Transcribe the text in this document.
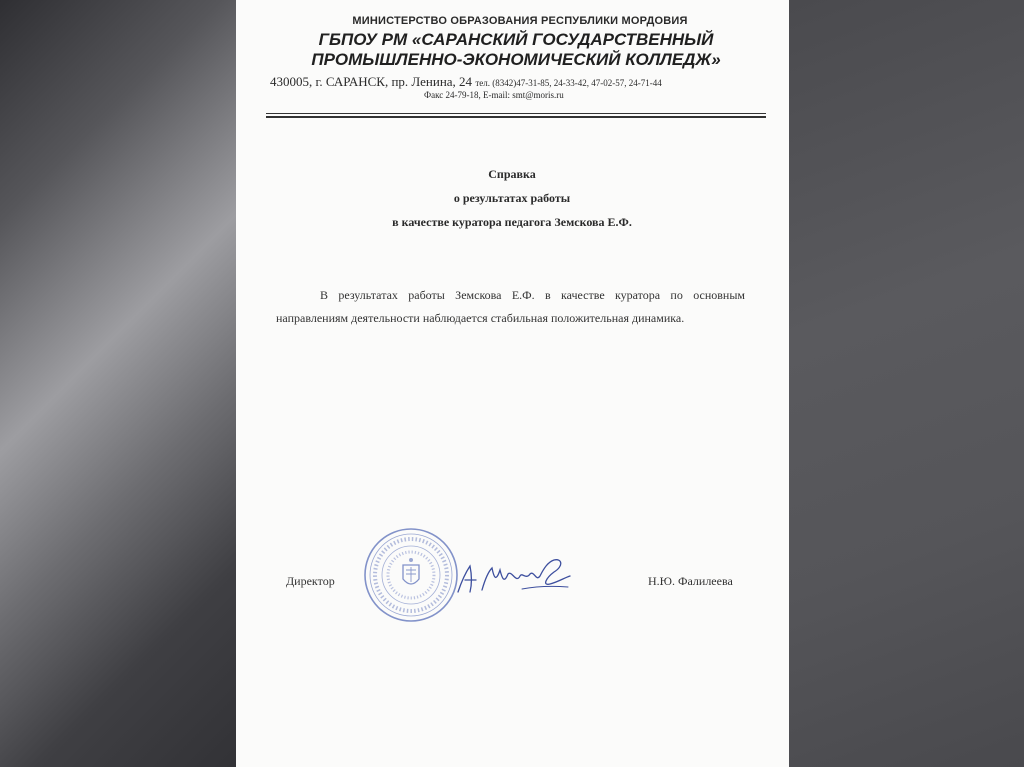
МИНИСТЕРСТВО ОБРАЗОВАНИЯ РЕСПУБЛИКИ МОРДОВИЯ
ГБПОУ РМ «САРАНСКИЙ ГОСУДАРСТВЕННЫЙ
ПРОМЫШЛЕННО-ЭКОНОМИЧЕСКИЙ КОЛЛЕДЖ»
430005, г. САРАНСК, пр. Ленина, 24 тел. (8342)47-31-85, 24-33-42, 47-02-57, 24-71-44
Факс 24-79-18, E-mail: smt@moris.ru
Справка
о результатах работы
в качестве куратора педагога Земскова Е.Ф.
В результатах работы Земскова Е.Ф. в качестве куратора по основным направлениям деятельности наблюдается стабильная положительная динамика.
Директор	Н.Ю. Фалилеева
